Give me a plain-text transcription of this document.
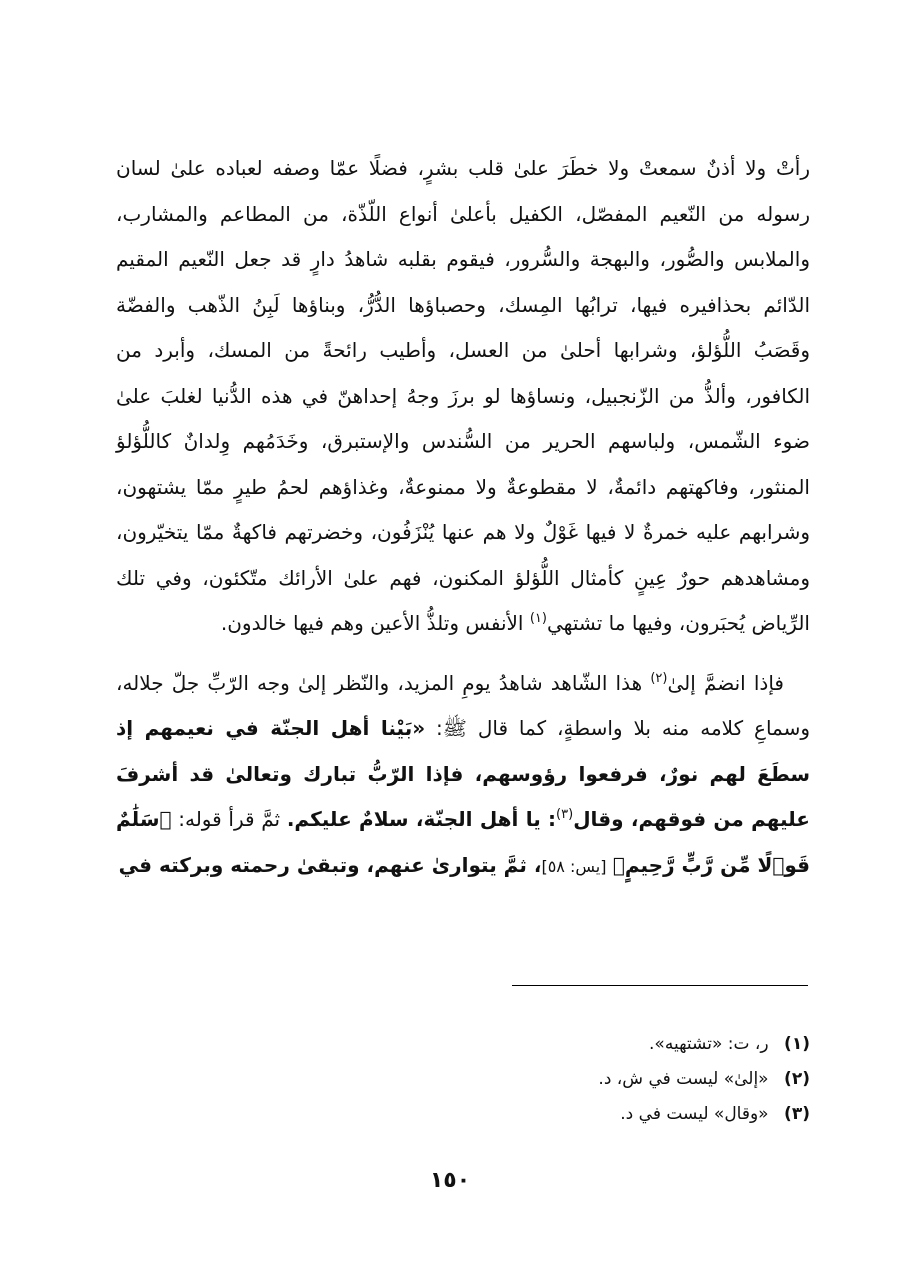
رأتْ ولا أذنٌ سمعتْ ولا خطَرَ علىٰ قلب بشرٍ، فضلًا عمّا وصفه لعباده علىٰ لسان رسوله من النّعيم المفصّل، الكفيل بأعلىٰ أنواع اللّذّة، من المطاعم والمشارب، والملابس والصُّور، والبهجة والسُّرور، فيقوم بقلبه شاهدُ دارٍ قد جعل النّعيم المقيم الدّائم بحذافيره فيها، ترابُها المِسك، وحصباؤها الدُّرُّ، وبناؤها لَبِنُ الذّهب والفضّة وقَصَبُ اللُّؤلؤ، وشرابها أحلىٰ من العسل، وأطيب رائحةً من المسك، وأبرد من الكافور، وألذُّ من الزّنجبيل، ونساؤها لو برزَ وجهُ إحداهنّ في هذه الدُّنيا لغلبَ علىٰ ضوء الشّمس، ولباسهم الحرير من السُّندس والإستبرق، وخَدَمُهم وِلدانٌ كاللُّؤلؤ المنثور، وفاكهتهم دائمةٌ، لا مقطوعةٌ ولا ممنوعةٌ، وغذاؤهم لحمُ طيرٍ ممّا يشتهون، وشرابهم عليه خمرةٌ لا فيها غَوْلٌ ولا هم عنها يُنْزَفُون، وخضرتهم فاكهةٌ ممّا يتخيّرون، ومشاهدهم حورٌ عِينٍ كأمثال اللُّؤلؤ المكنون، فهم علىٰ الأرائك متّكئون، وفي تلك الرِّياض يُحبَرون، وفيها ما تشتهي$^{(١)}$ الأنفس وتلذُّ الأعين وهم فيها خالدون.

فإذا انضمَّ إلىٰ$^{(٢)}$ هذا الشّاهد شاهدُ يومِ المزيد، والنّظر إلىٰ وجه الرّبِّ جلّ جلاله، وسماعِ كلامه منه بلا واسطةٍ، كما قال ﷺ: «بَيْنا أهل الجنّة في نعيمهم إذ سطَعَ لهم نورٌ، فرفعوا رؤوسهم، فإذا الرّبُّ تبارك وتعالىٰ قد أشرفَ عليهم من فوقهم، وقال$^{(٣)}$: يا أهل الجنّة، سلامٌ عليكم. ثمَّ قرأ قوله: ﴿سَلَٰمٌ قَوۡلًا مِّن رَّبٍّ رَّحِيمٍ﴾ [يس: ٥٨]، ثمَّ يتوارىٰ عنهم، وتبقىٰ رحمته وبركته في

(١) ر، ت: «تشتهيه».
(٢) «إلىٰ» ليست في ش، د.
(٣) «وقال» ليست في د.
١٥٠
